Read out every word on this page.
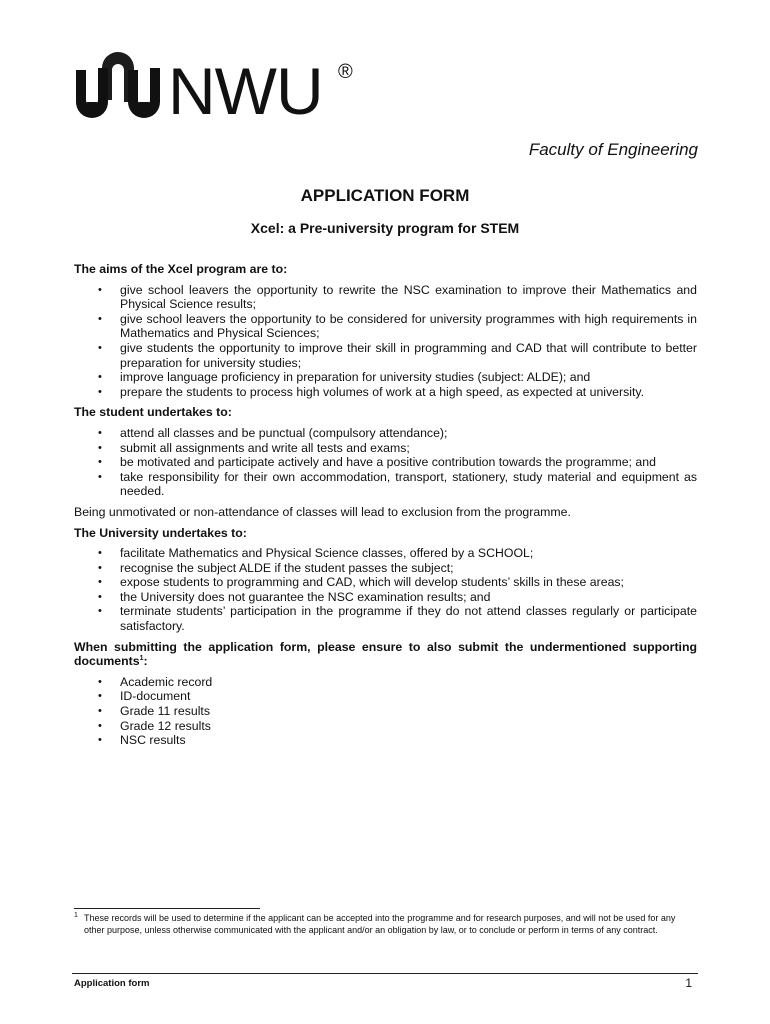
NWU ®
Faculty of Engineering
APPLICATION FORM
Xcel: a Pre-university program for STEM

The aims of the Xcel program are to:

• give school leavers the opportunity to rewrite the NSC examination to improve their Mathematics and Physical Science results;
• give school leavers the opportunity to be considered for university programmes with high requirements in Mathematics and Physical Sciences;
• give students the opportunity to improve their skill in programming and CAD that will contribute to better preparation for university studies;
• improve language proficiency in preparation for university studies (subject: ALDE); and
• prepare the students to process high volumes of work at a high speed, as expected at university.

The student undertakes to:

• attend all classes and be punctual (compulsory attendance);
• submit all assignments and write all tests and exams;
• be motivated and participate actively and have a positive contribution towards the programme; and
• take responsibility for their own accommodation, transport, stationery, study material and equipment as needed.

Being unmotivated or non-attendance of classes will lead to exclusion from the programme.

The University undertakes to:

• facilitate Mathematics and Physical Science classes, offered by a SCHOOL;
• recognise the subject ALDE if the student passes the subject;
• expose students to programming and CAD, which will develop students’ skills in these areas;
• the University does not guarantee the NSC examination results; and
• terminate students’ participation in the programme if they do not attend classes regularly or participate satisfactory.

When submitting the application form, please ensure to also submit the undermentioned supporting documents$^1$:

• Academic record
• ID-document
• Grade 11 results
• Grade 12 results
• NSC results
1 These records will be used to determine if the applicant can be accepted into the programme and for research purposes, and will not be used for any other purpose, unless otherwise communicated with the applicant and/or an obligation by law, or to conclude or perform in terms of any contract.
Application form	1
